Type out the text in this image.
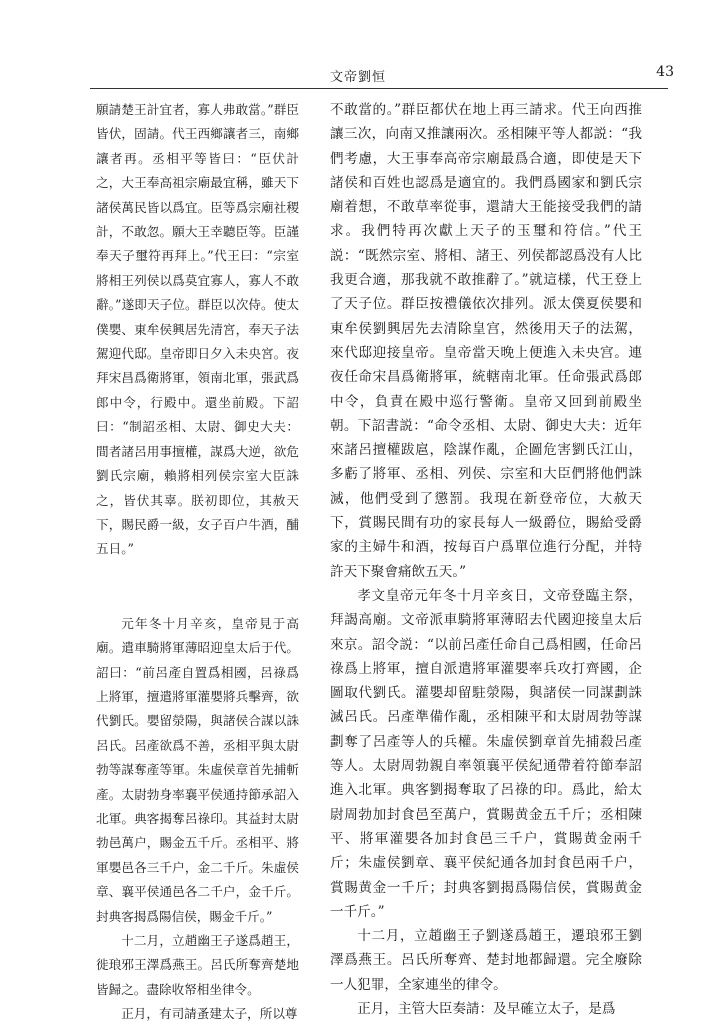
文帝劉恒	43

願請楚王計宜者，寡人弗敢當。”群臣皆伏，固請。代王西鄉讓者三，南鄉讓者再。丞相平等皆曰：“臣伏計之，大王奉高祖宗廟最宜稱，雖天下諸侯萬民皆以爲宜。臣等爲宗廟社稷計，不敢忽。願大王幸聽臣等。臣謹奉天子璽符再拜上。”代王曰：“宗室將相王列侯以爲莫宜寡人，寡人不敢辭。”遂即天子位。群臣以次侍。使太僕嬰、東牟侯興居先清宮，奉天子法駕迎代邸。皇帝即日夕入未央宮。夜拜宋昌爲衛將軍，領南北軍，張武爲郎中令，行殿中。還坐前殿。下詔曰：“制詔丞相、太尉、御史大夫：間者諸呂用事擅權，謀爲大逆，欲危劉氏宗廟，賴將相列侯宗室大臣誅之，皆伏其辜。朕初即位，其赦天下，賜民爵一級，女子百户牛酒，酺五日。”

元年冬十月辛亥，皇帝見于高廟。遣車騎將軍薄昭迎皇太后于代。詔曰：“前呂產自置爲相國，呂祿爲上將軍，擅遣將軍灌嬰將兵擊齊，欲代劉氏。嬰留滎陽，與諸侯合謀以誅呂氏。呂產欲爲不善，丞相平與太尉勃等謀奪產等軍。朱虛侯章首先捕斬產。太尉勃身率襄平侯通持節承詔入北軍。典客揭奪呂祿印。其益封太尉勃邑萬户，賜金五千斤。丞相平、將軍嬰邑各三千户，金二千斤。朱虛侯章、襄平侯通邑各二千户，金千斤。封典客揭爲陽信侯，賜金千斤。”

十二月，立趙幽王子遂爲趙王，徙琅邪王澤爲燕王。呂氏所奪齊楚地皆歸之。盡除收帑相坐律令。

正月，有司請蚤建太子，所以尊

不敢當的。”群臣都伏在地上再三請求。代王向西推讓三次，向南又推讓兩次。丞相陳平等人都説：“我們考慮，大王事奉高帝宗廟最爲合適，即使是天下諸侯和百姓也認爲是適宜的。我們爲國家和劉氏宗廟着想，不敢草率從事，還請大王能接受我們的請求。我們特再次獻上天子的玉璽和符信。”代王説：“既然宗室、將相、諸王、列侯都認爲没有人比我更合適，那我就不敢推辭了。”就這樣，代王登上了天子位。群臣按禮儀依次排列。派太僕夏侯嬰和東牟侯劉興居先去清除皇宫，然後用天子的法駕，來代邸迎接皇帝。皇帝當天晚上便進入未央宫。連夜任命宋昌爲衛將軍，統轄南北軍。任命張武爲郎中令，負責在殿中巡行警衛。皇帝又回到前殿坐朝。下詔書説：“命令丞相、太尉、御史大夫：近年來諸呂擅權跋扈，陰謀作亂，企圖危害劉氏江山，多虧了將軍、丞相、列侯、宗室和大臣們將他們誅滅，他們受到了懲罰。我現在新登帝位，大赦天下，賞賜民間有功的家長每人一級爵位，賜給受爵家的主婦牛和酒，按每百户爲單位進行分配，并特許天下聚會痛飲五天。”

孝文皇帝元年冬十月辛亥日，文帝登臨主祭，拜謁高廟。文帝派車騎將軍薄昭去代國迎接皇太后來京。詔令説：“以前呂產任命自己爲相國，任命呂祿爲上將軍，擅自派遣將軍灌嬰率兵攻打齊國，企圖取代劉氏。灌嬰却留駐滎陽，與諸侯一同謀劃誅滅呂氏。呂產準備作亂，丞相陳平和太尉周勃等謀劃奪了呂產等人的兵權。朱虛侯劉章首先捕殺呂產等人。太尉周勃親自率領襄平侯紀通帶着符節奉詔進入北軍。典客劉揭奪取了呂祿的印。爲此，給太尉周勃加封食邑至萬户，賞賜黄金五千斤；丞相陳平、將軍灌嬰各加封食邑三千户，賞賜黄金兩千斤；朱虛侯劉章、襄平侯紀通各加封食邑兩千户，賞賜黄金一千斤；封典客劉揭爲陽信侯，賞賜黄金一千斤。”

十二月，立趙幽王子劉遂爲趙王，遷琅邪王劉澤爲燕王。呂氏所奪齊、楚封地都歸還。完全廢除一人犯罪，全家連坐的律令。

正月，主管大臣奏請：及早確立太子，是爲
